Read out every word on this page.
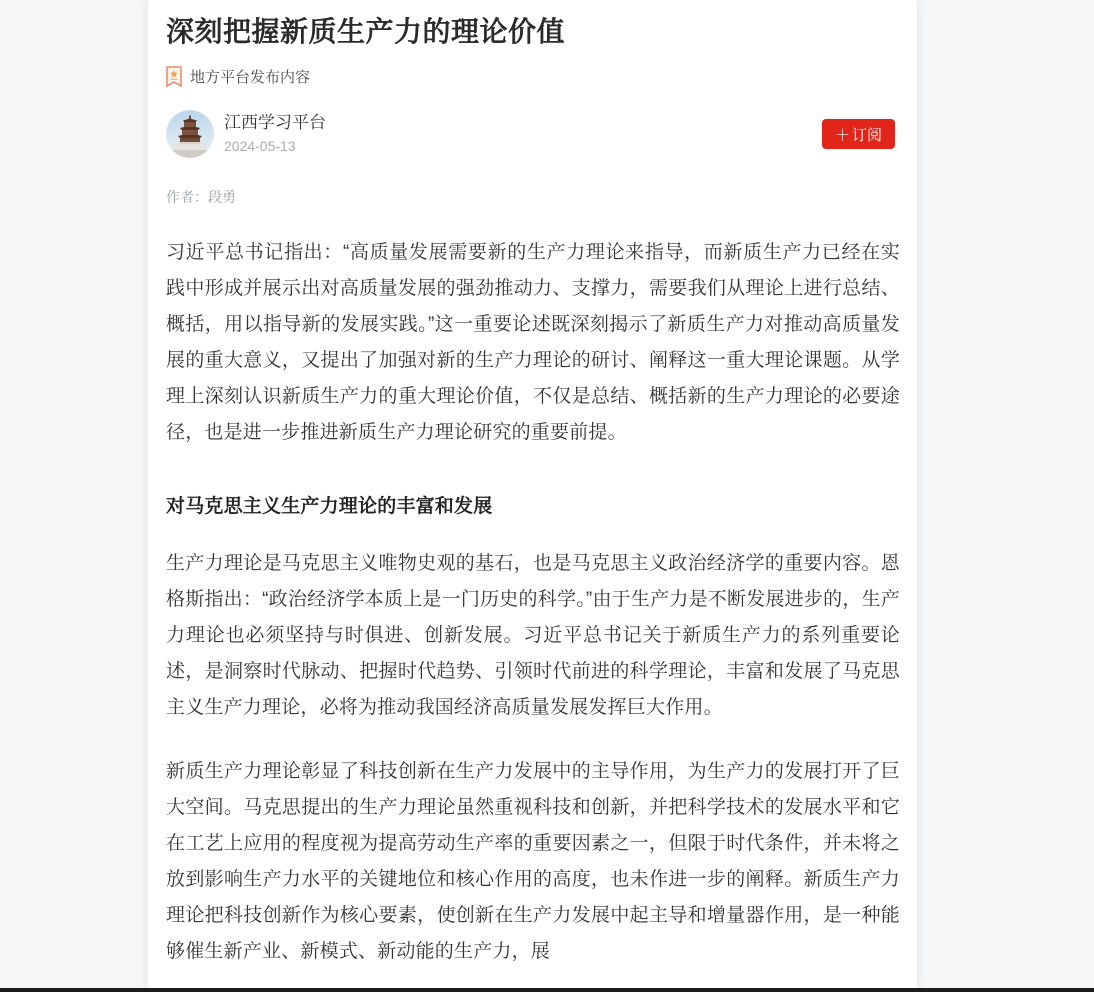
深刻把握新质生产力的理论价值
地方平台发布内容
江西学习平台
2024-05-13
＋ 订阅
作者：段勇

习近平总书记指出：“高质量发展需要新的生产力理论来指导，而新质生产力已经在实践中形成并展示出对高质量发展的强劲推动力、支撑力，需要我们从理论上进行总结、概括，用以指导新的发展实践。”这一重要论述既深刻揭示了新质生产力对推动高质量发展的重大意义，又提出了加强对新的生产力理论的研讨、阐释这一重大理论课题。从学理上深刻认识新质生产力的重大理论价值，不仅是总结、概括新的生产力理论的必要途径，也是进一步推进新质生产力理论研究的重要前提。

对马克思主义生产力理论的丰富和发展

生产力理论是马克思主义唯物史观的基石，也是马克思主义政治经济学的重要内容。恩格斯指出：“政治经济学本质上是一门历史的科学。”由于生产力是不断发展进步的，生产力理论也必须坚持与时俱进、创新发展。习近平总书记关于新质生产力的系列重要论述，是洞察时代脉动、把握时代趋势、引领时代前进的科学理论，丰富和发展了马克思主义生产力理论，必将为推动我国经济高质量发展发挥巨大作用。

新质生产力理论彰显了科技创新在生产力发展中的主导作用，为生产力的发展打开了巨大空间。马克思提出的生产力理论虽然重视科技和创新，并把科学技术的发展水平和它在工艺上应用的程度视为提高劳动生产率的重要因素之一，但限于时代条件，并未将之放到影响生产力水平的关键地位和核心作用的高度，也未作进一步的阐释。新质生产力理论把科技创新作为核心要素，使创新在生产力发展中起主导和增量器作用，是一种能够催生新产业、新模式、新动能的生产力，展
